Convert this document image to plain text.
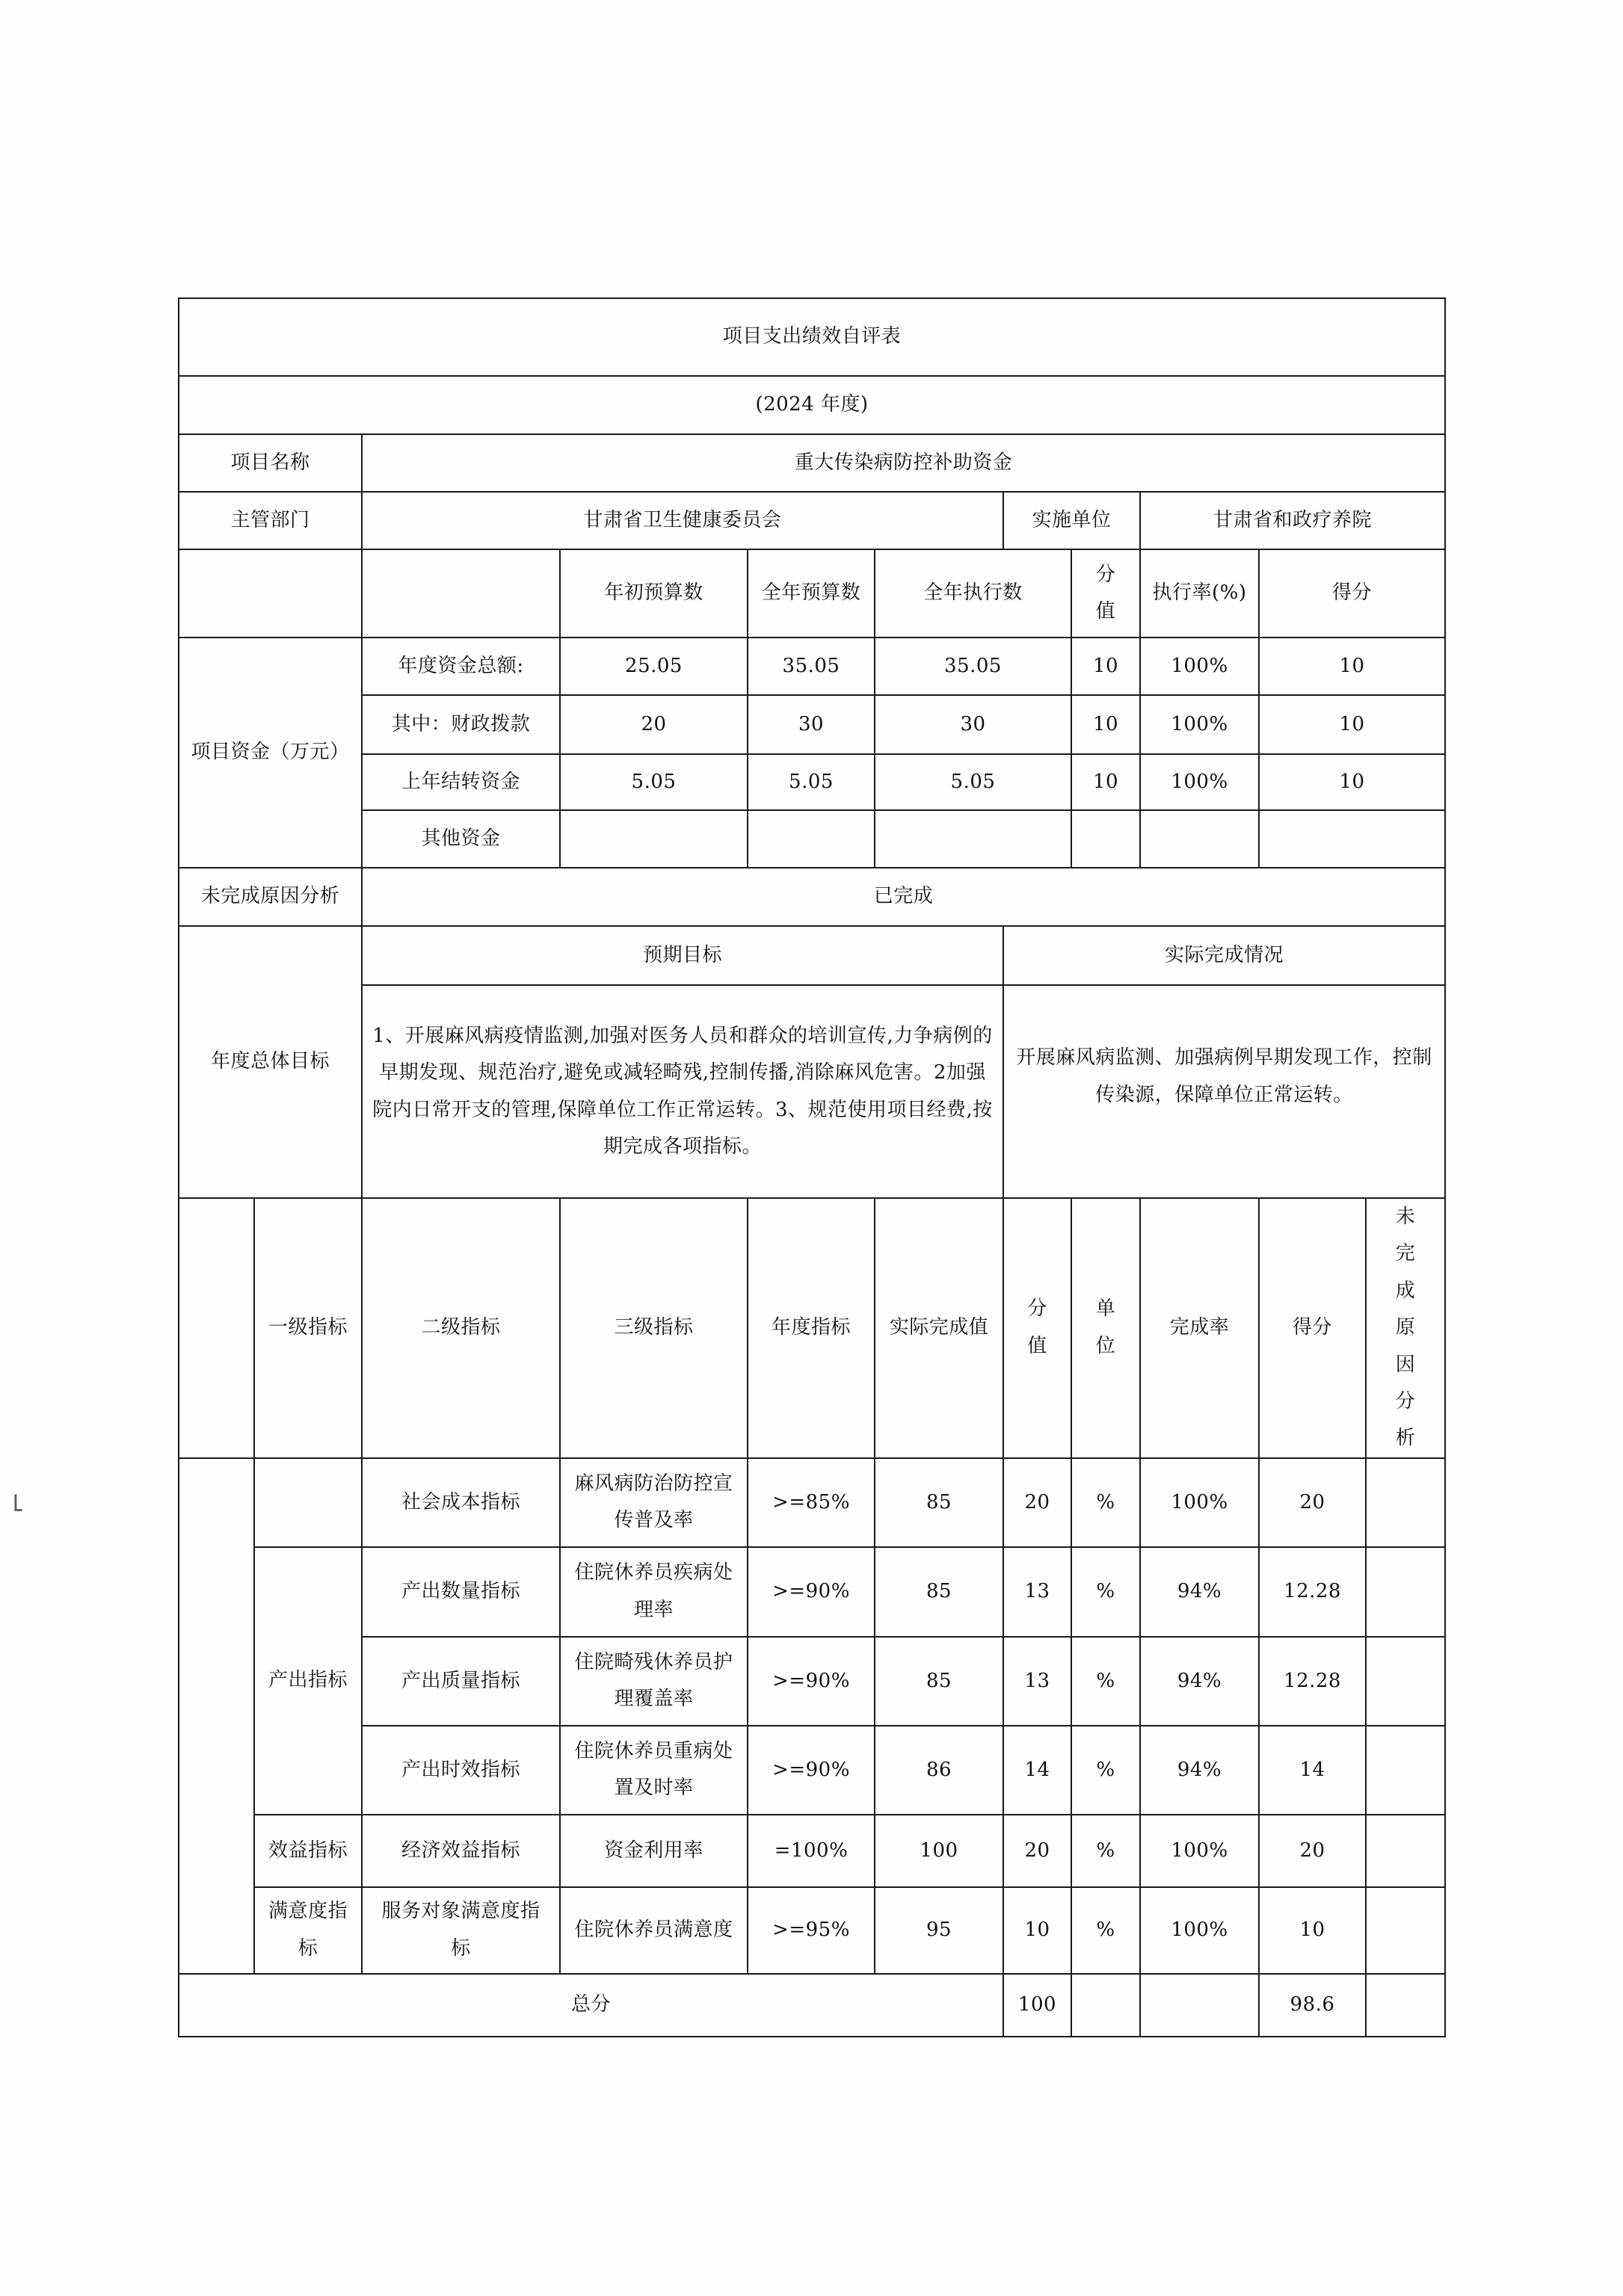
⌐
项目支出绩效自评表										
(2024 年度)										
项目名称		重大传染病防控补助资金								
主管部门		甘肃省卫生健康委员会				实施单位		甘肃省和政疗养院		
			年初预算数	全年预算数	全年执行数		分值	执行率(%)	得分	
项目资金（万元）		年度资金总额:	25.05	35.05	35.05		10	100%	10	
		其中：财政拨款	20	30	30		10	100%	10	
		上年结转资金	5.05	5.05	5.05		10	100%	10	
		其他资金								
未完成原因分析		已完成								
年度总体目标		预期目标				实际完成情况				
		1、开展麻风病疫情监测,加强对医务人员和群众的培训宣传,力争病例的早期发现、规范治疗,避免或减轻畸残,控制传播,消除麻风危害。2加强院内日常开支的管理,保障单位工作正常运转。3、规范使用项目经费,按期完成各项指标。				开展麻风病监测、加强病例早期发现工作，控制传染源，保障单位正常运转。				
	一级指标	二级指标	三级指标	年度指标	实际完成值	分值	单位	完成率	得分	未完成原因分析
		社会成本指标	麻风病防治防控宣传普及率	>=85%	85	20	%	100%	20	
	产出指标	产出数量指标	住院休养员疾病处理率	>=90%	85	13	%	94%	12.28	
		产出质量指标	住院畸残休养员护理覆盖率	>=90%	85	13	%	94%	12.28	
		产出时效指标	住院休养员重病处置及时率	>=90%	86	14	%	94%	14	
	效益指标	经济效益指标	资金利用率	=100%	100	20	%	100%	20	
	满意度指标	服务对象满意度指标	住院休养员满意度	>=95%	95	10	%	100%	10	
总分						100			98.6	
